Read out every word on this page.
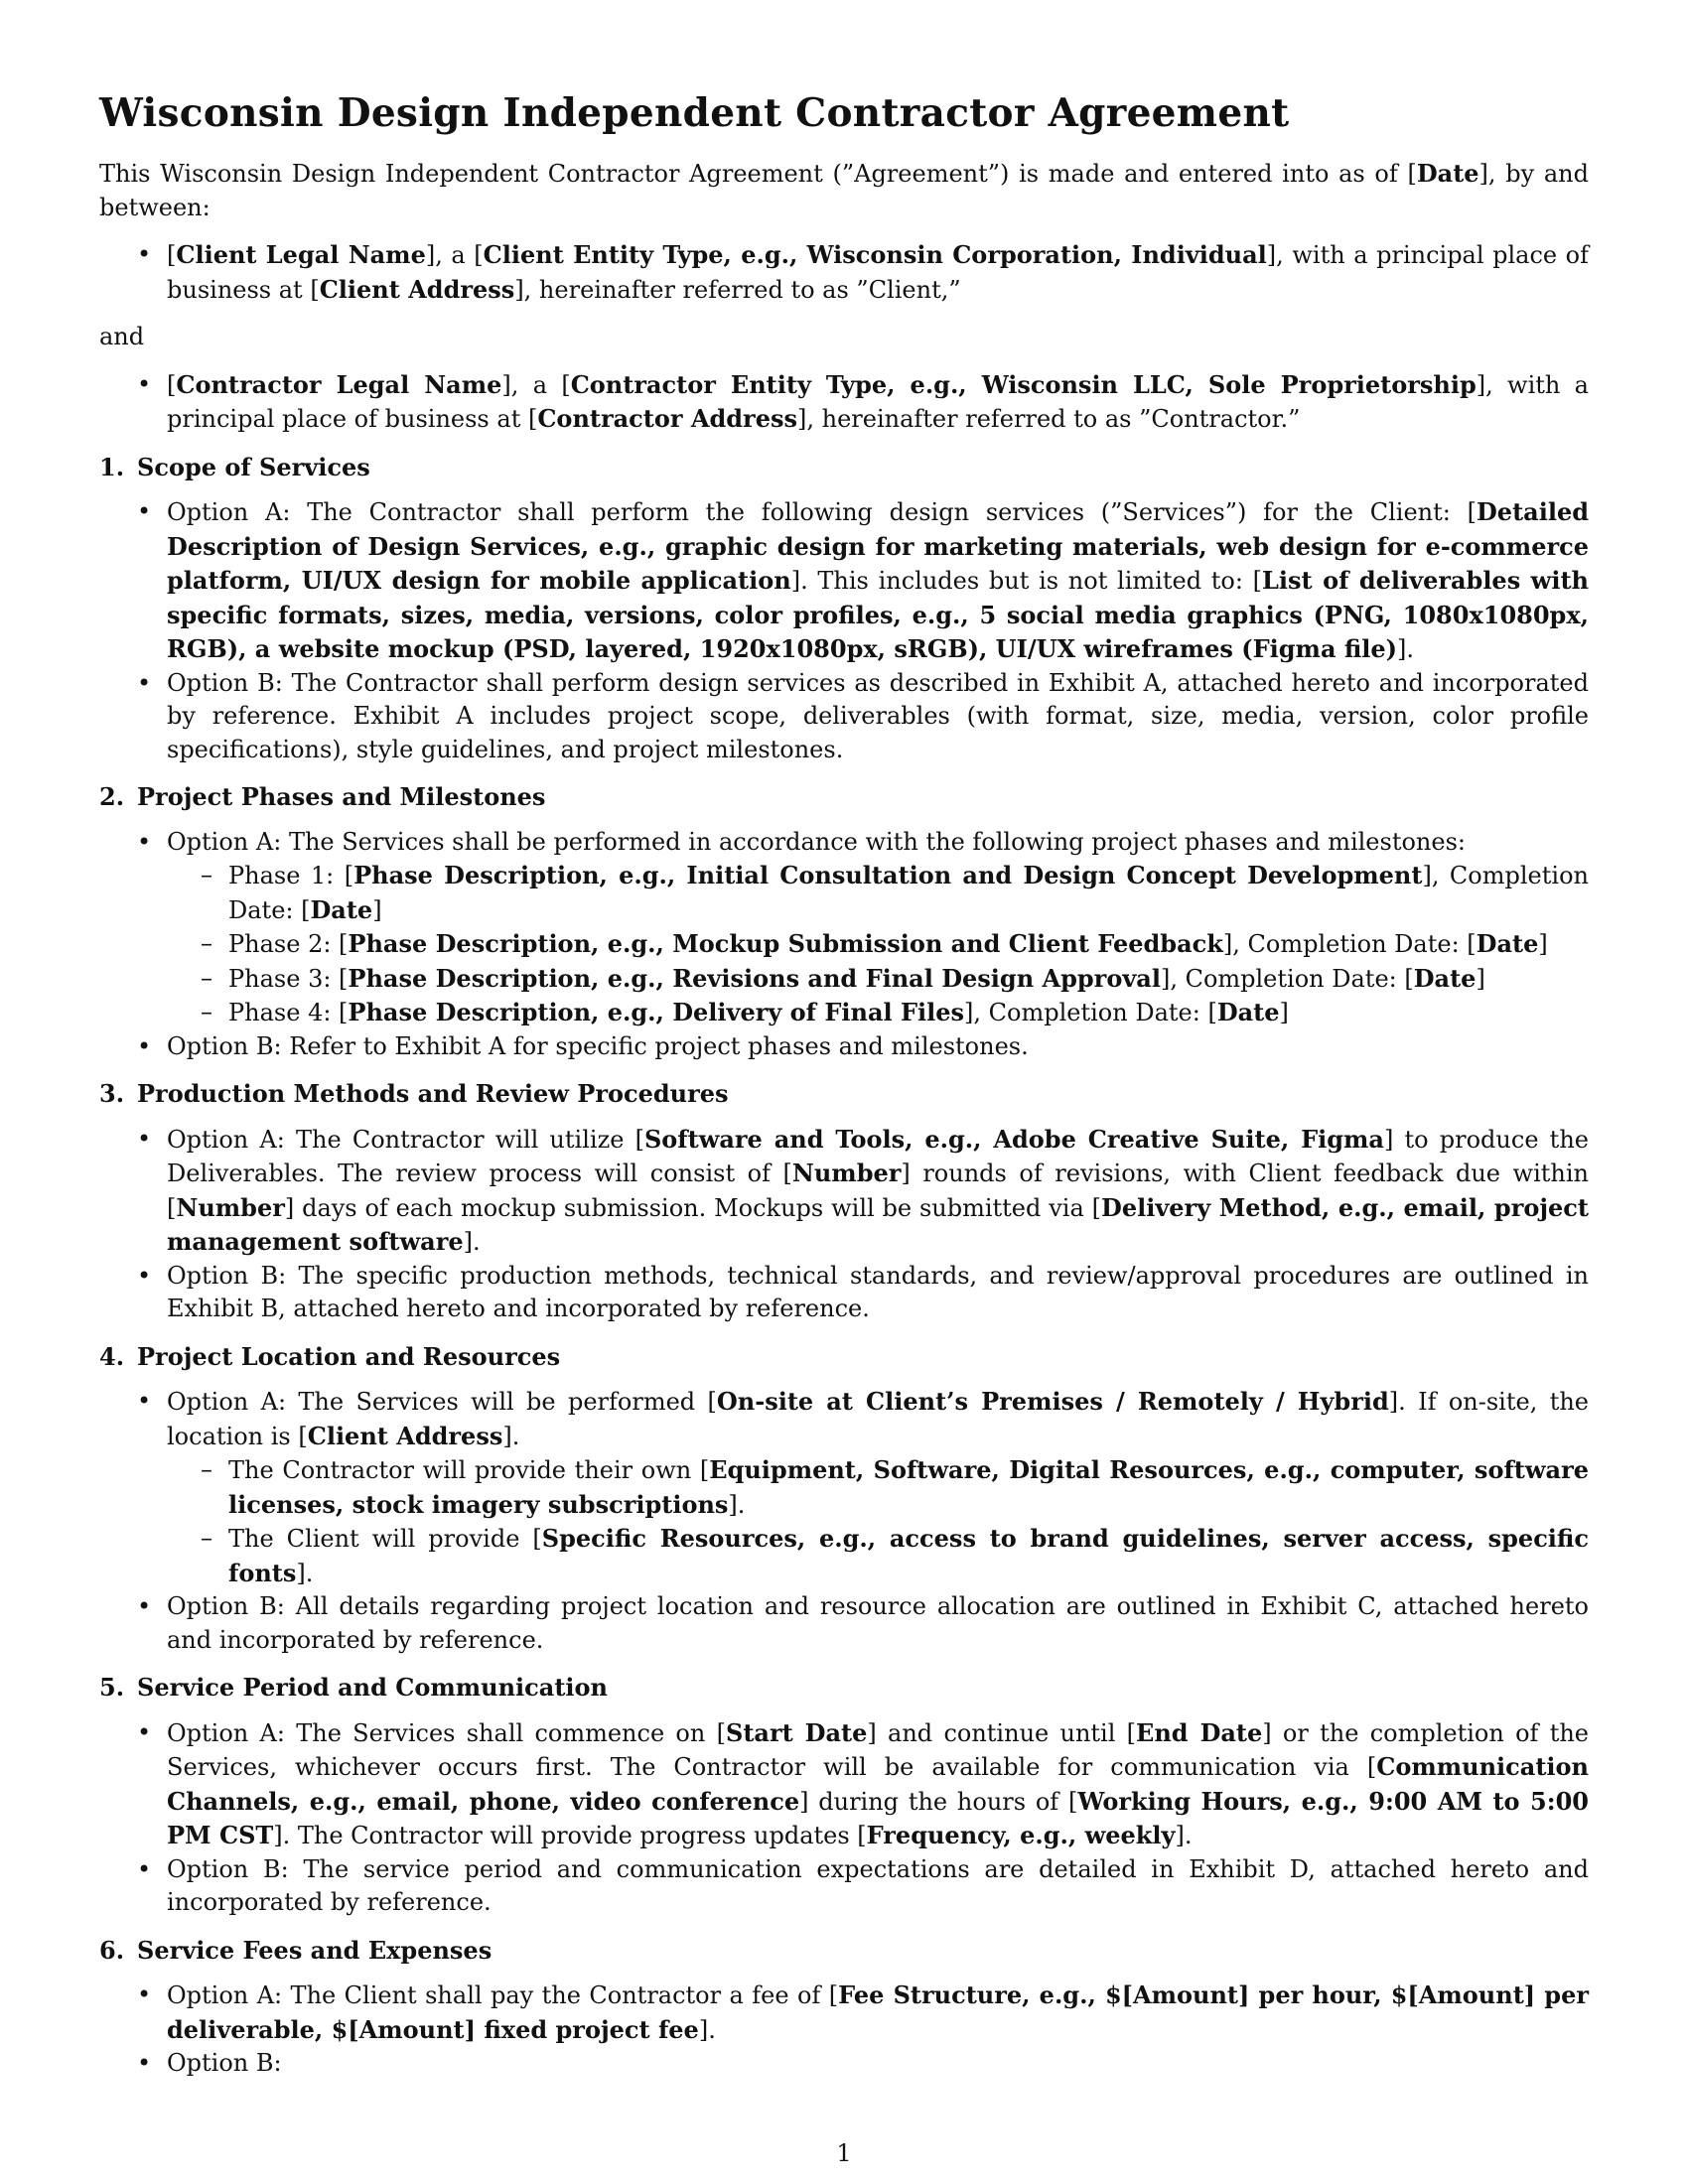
Wisconsin Design Independent Contractor Agreement

This Wisconsin Design Independent Contractor Agreement (”Agreement”) is made and entered into as of [Date], by and between:

• [Client Legal Name], a [Client Entity Type, e.g., Wisconsin Corporation, Individual], with a principal place of business at [Client Address], hereinafter referred to as ”Client,”

and

• [Contractor Legal Name], a [Contractor Entity Type, e.g., Wisconsin LLC, Sole Proprietorship], with a principal place of business at [Contractor Address], hereinafter referred to as ”Contractor.”

1. Scope of Services

• Option A: The Contractor shall perform the following design services (”Services”) for the Client: [Detailed Description of Design Services, e.g., graphic design for marketing materials, web design for e-commerce platform, UI/UX design for mobile application]. This includes but is not limited to: [List of deliverables with specific formats, sizes, media, versions, color profiles, e.g., 5 social media graphics (PNG, 1080x1080px, RGB), a website mockup (PSD, layered, 1920x1080px, sRGB), UI/UX wireframes (Figma file)].
• Option B: The Contractor shall perform design services as described in Exhibit A, attached hereto and incorporated by reference. Exhibit A includes project scope, deliverables (with format, size, media, version, color profile specifications), style guidelines, and project milestones.

2. Project Phases and Milestones

• Option A: The Services shall be performed in accordance with the following project phases and milestones:
– Phase 1: [Phase Description, e.g., Initial Consultation and Design Concept Development], Completion Date: [Date]
– Phase 2: [Phase Description, e.g., Mockup Submission and Client Feedback], Completion Date: [Date]
– Phase 3: [Phase Description, e.g., Revisions and Final Design Approval], Completion Date: [Date]
– Phase 4: [Phase Description, e.g., Delivery of Final Files], Completion Date: [Date]
• Option B: Refer to Exhibit A for specific project phases and milestones.

3. Production Methods and Review Procedures

• Option A: The Contractor will utilize [Software and Tools, e.g., Adobe Creative Suite, Figma] to produce the Deliverables. The review process will consist of [Number] rounds of revisions, with Client feedback due within [Number] days of each mockup submission. Mockups will be submitted via [Delivery Method, e.g., email, project management software].
• Option B: The specific production methods, technical standards, and review/approval procedures are outlined in Exhibit B, attached hereto and incorporated by reference.

4. Project Location and Resources

• Option A: The Services will be performed [On-site at Client’s Premises / Remotely / Hybrid]. If on-site, the location is [Client Address].
– The Contractor will provide their own [Equipment, Software, Digital Resources, e.g., computer, software licenses, stock imagery subscriptions].
– The Client will provide [Specific Resources, e.g., access to brand guidelines, server access, specific fonts].
• Option B: All details regarding project location and resource allocation are outlined in Exhibit C, attached hereto and incorporated by reference.

5. Service Period and Communication

• Option A: The Services shall commence on [Start Date] and continue until [End Date] or the completion of the Services, whichever occurs first. The Contractor will be available for communication via [Communication Channels, e.g., email, phone, video conference] during the hours of [Working Hours, e.g., 9:00 AM to 5:00 PM CST]. The Contractor will provide progress updates [Frequency, e.g., weekly].
• Option B: The service period and communication expectations are detailed in Exhibit D, attached hereto and incorporated by reference.

6. Service Fees and Expenses

• Option A: The Client shall pay the Contractor a fee of [Fee Structure, e.g., $[Amount] per hour, $[Amount] per deliverable, $[Amount] fixed project fee].
• Option B:
1
